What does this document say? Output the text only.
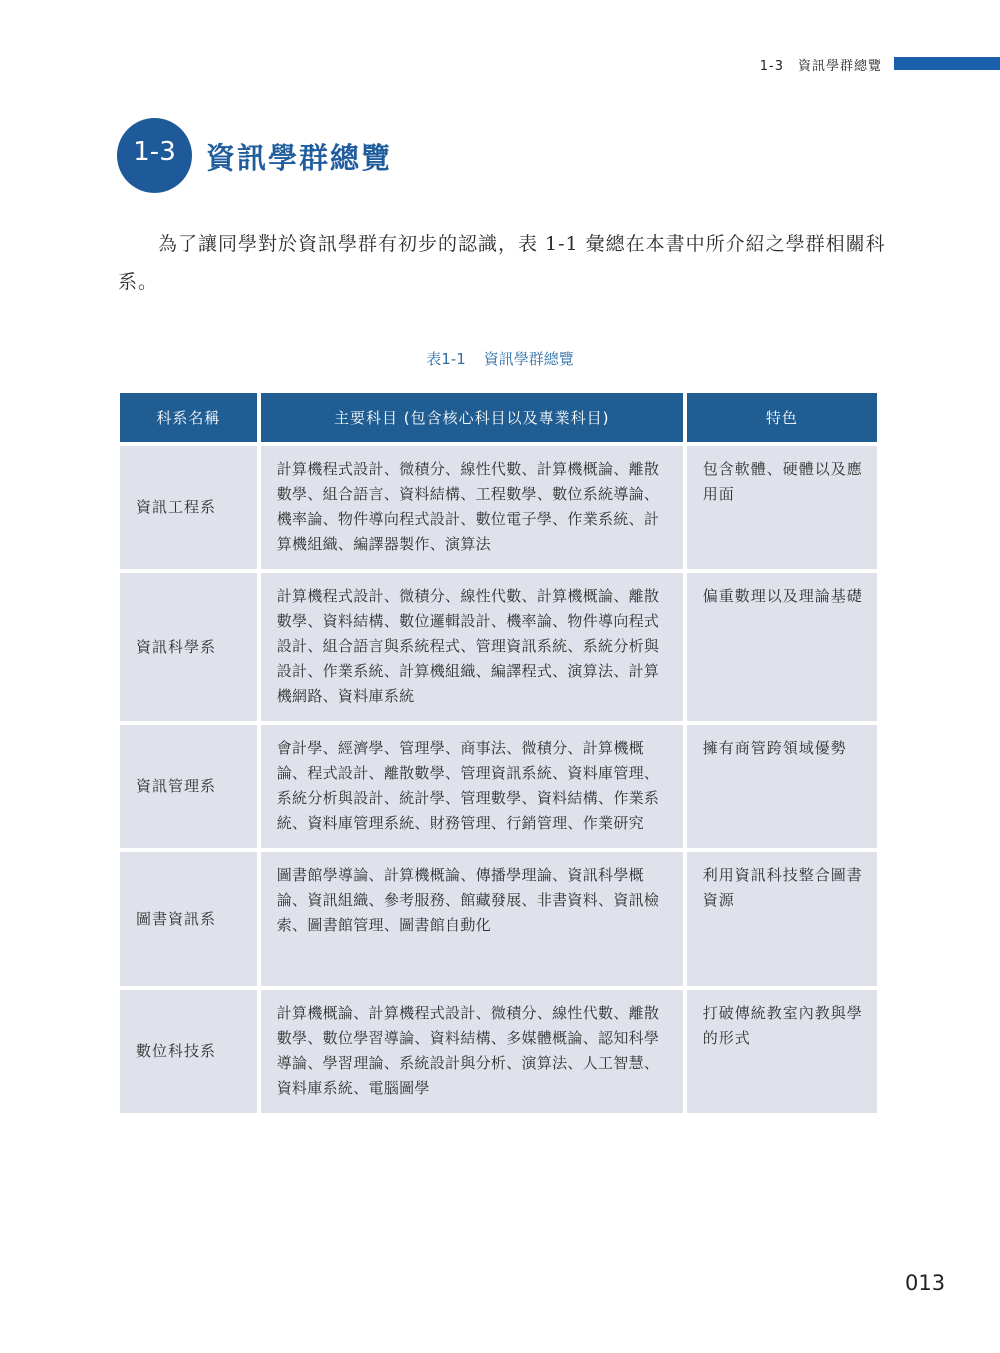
1-3 資訊學群總覽
1-3	資訊學群總覽

為了讓同學對於資訊學群有初步的認識，表 1-1 彙總在本書中所介紹之學群相關科系。

表1-1 資訊學群總覽
科系名稱	主要科目 (包含核心科目以及專業科目)	特色
資訊工程系	計算機程式設計、微積分、線性代數、計算機概論、離散數學、組合語言、資料結構、工程數學、數位系統導論、機率論、物件導向程式設計、數位電子學、作業系統、計算機組織、編譯器製作、演算法	包含軟體、硬體以及應用面
資訊科學系	計算機程式設計、微積分、線性代數、計算機概論、離散數學、資料結構、數位邏輯設計、機率論、物件導向程式設計、組合語言與系統程式、管理資訊系統、系統分析與設計、作業系統、計算機組織、編譯程式、演算法、計算機網路、資料庫系統	偏重數理以及理論基礎
資訊管理系	會計學、經濟學、管理學、商事法、微積分、計算機概論、程式設計、離散數學、管理資訊系統、資料庫管理、系統分析與設計、統計學、管理數學、資料結構、作業系統、資料庫管理系統、財務管理、行銷管理、作業研究	擁有商管跨領域優勢
圖書資訊系	圖書館學導論、計算機概論、傳播學理論、資訊科學概論、資訊組織、參考服務、館藏發展、非書資料、資訊檢索、圖書館管理、圖書館自動化	利用資訊科技整合圖書資源
數位科技系	計算機概論、計算機程式設計、微積分、線性代數、離散數學、數位學習導論、資料結構、多媒體概論、認知科學導論、學習理論、系統設計與分析、演算法、人工智慧、資料庫系統、電腦圖學	打破傳統教室內教與學的形式
013
